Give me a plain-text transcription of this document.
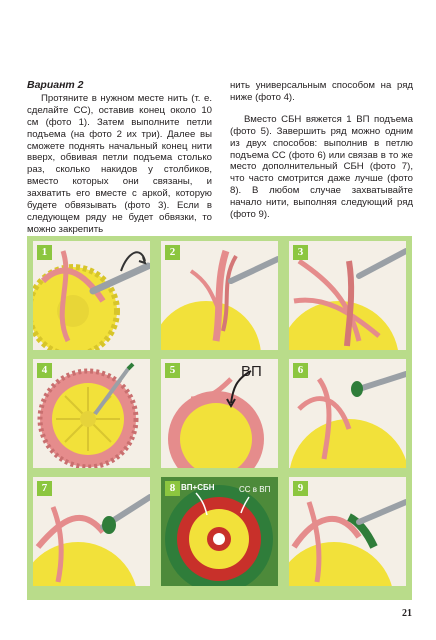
Вариант 2

Протяните в нужном месте нить (т. е. сделайте СС), оставив конец около 10 см (фото 1). Затем выполните петли подъема (на фото 2 их три). Далее вы сможете поднять начальный конец нити вверх, обвивая петли подъема столько раз, сколько накидов у столбиков, вместо которых они связаны, и захватить его вместе с аркой, которую будете обвязывать (фото 3). Если в следующем ряду не будет обвязки, то можно закрепить

нить универсальным способом на ряд ниже (фото 4).

Вместо СБН вяжется 1 ВП подъема (фото 5). Завершить ряд можно одним из двух способов: выполнив в петлю подъема СС (фото 6) или связав в то же место дополнительный СБН (фото 7), что часто смотрится даже лучше (фото 8). В любом случае захватывайте начало нити, выполняя следующий ряд (фото 9).

1	2	3
4	5	ВП	6
7	8 ВП+СБН	СС в ВП	9
21
